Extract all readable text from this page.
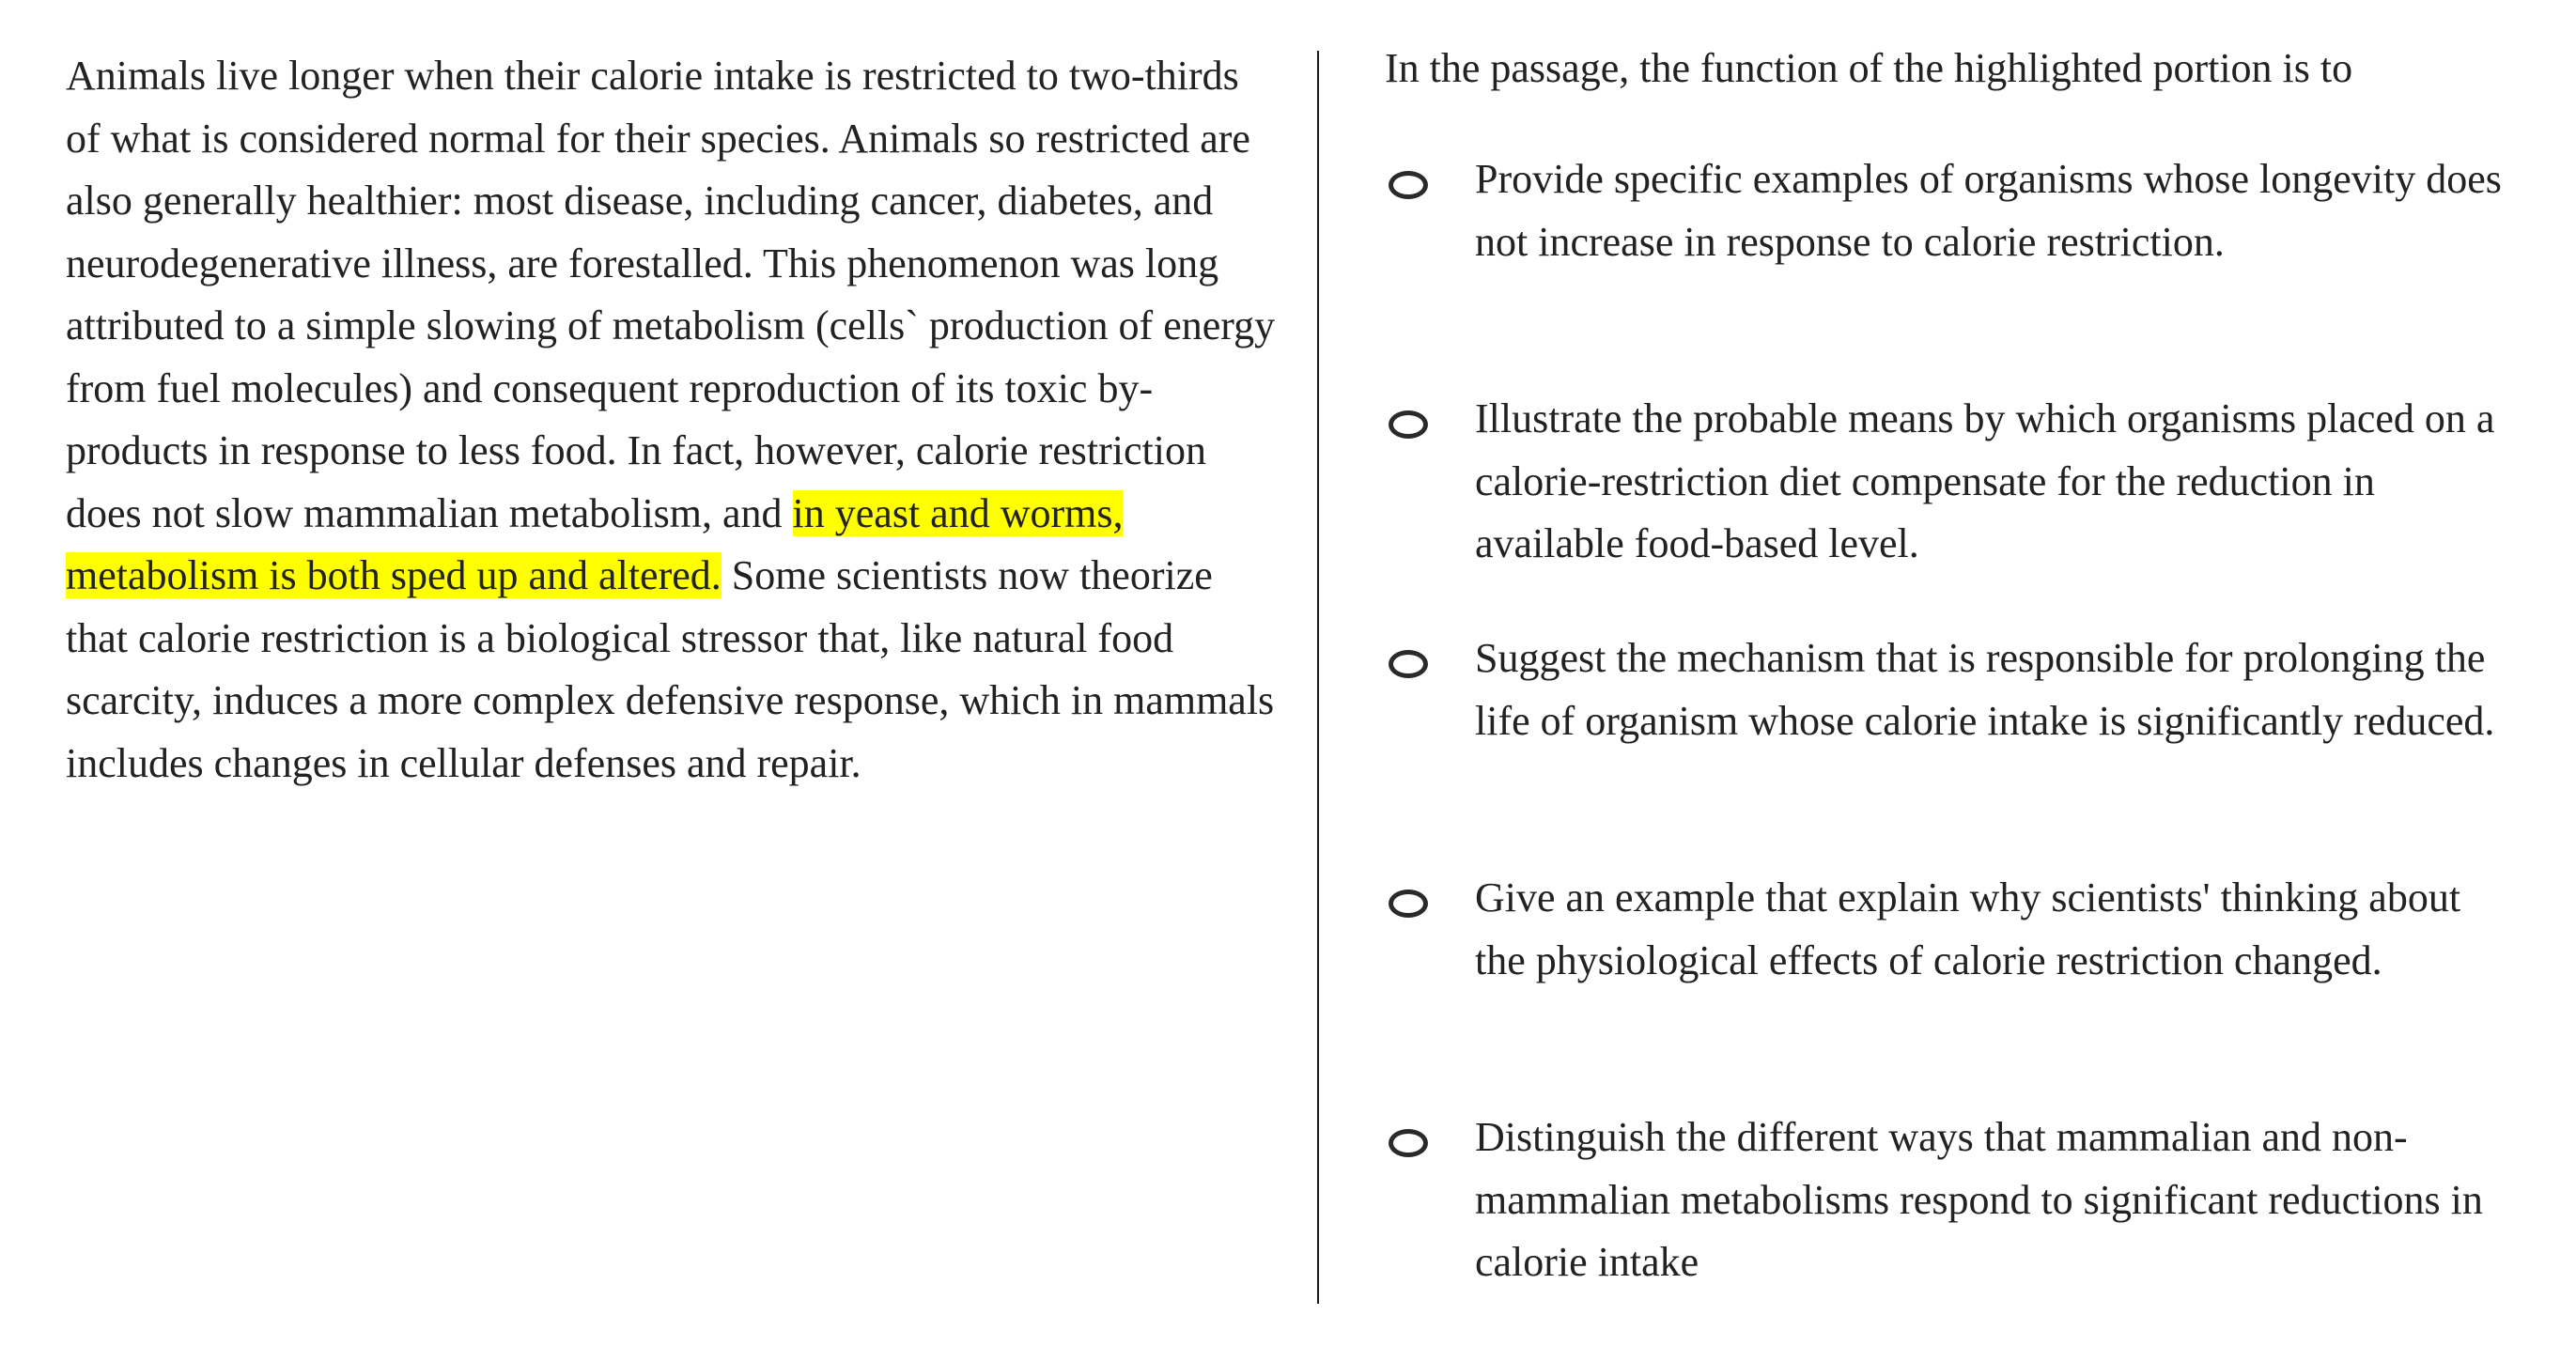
Animals live longer when their calorie intake is restricted to two-thirds of what is considered normal for their species. Animals so restricted are also generally healthier: most disease, including cancer, diabetes, and neurodegenerative illness, are forestalled. This phenomenon was long attributed to a simple slowing of metabolism (cells` production of energy from fuel molecules) and consequent reproduction of its toxic by-products in response to less food. In fact, however, calorie restriction does not slow mammalian metabolism, and in yeast and worms, metabolism is both sped up and altered. Some scientists now theorize that calorie restriction is a biological stressor that, like natural food scarcity, induces a more complex defensive response, which in mammals includes changes in cellular defenses and repair.

In the passage, the function of the highlighted portion is to

Provide specific examples of organisms whose longevity does not increase in response to calorie restriction.
Illustrate the probable means by which organisms placed on a calorie-restriction diet compensate for the reduction in available food-based level.
Suggest the mechanism that is responsible for prolonging the life of organism whose calorie intake is significantly reduced.
Give an example that explain why scientists' thinking about the physiological effects of calorie restriction changed.
Distinguish the different ways that mammalian and non-mammalian metabolisms respond to significant reductions in calorie intake
